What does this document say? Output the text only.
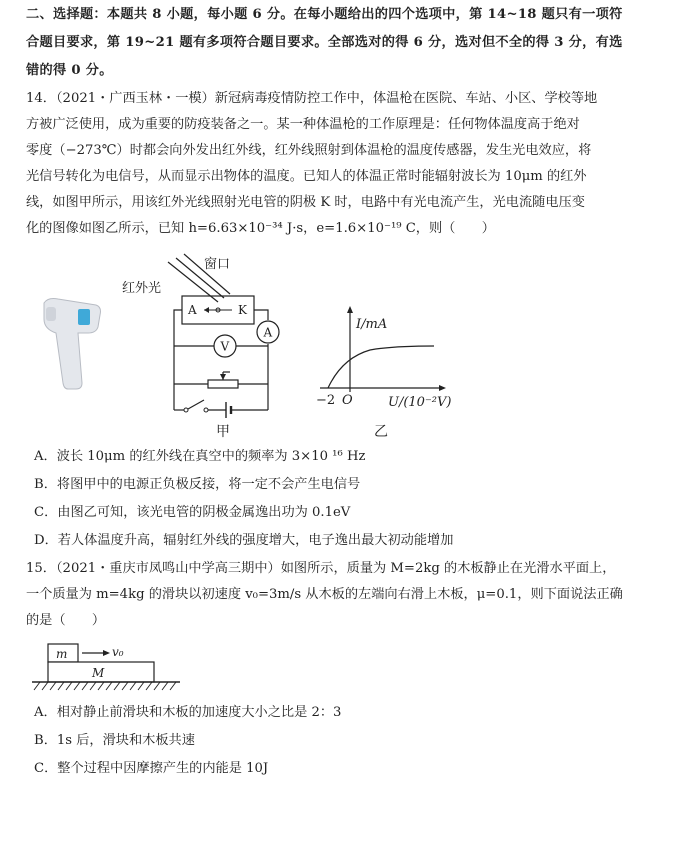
二、选择题：本题共 8 小题，每小题 6 分。在每小题给出的四个选项中，第 14~18 题只有一项符
合题目要求，第 19~21 题有多项符合题目要求。全部选对的得 6 分，选对但不全的得 3 分，有选
错的得 0 分。
14．（2021・广西玉林・一模）新冠病毒疫情防控工作中，体温枪在医院、车站、小区、学校等地
方被广泛使用，成为重要的防疫装备之一。某一种体温枪的工作原理是：任何物体温度高于绝对
零度（−273℃）时都会向外发出红外线，红外线照射到体温枪的温度传感器，发生光电效应，将
光信号转化为电信号，从而显示出物体的温度。已知人的体温正常时能辐射波长为 10μm 的红外
线，如图甲所示，用该红外光线照射光电管的阴极 K 时，电路中有光电流产生，光电流随电压变
化的图像如图乙所示，已知 h=6.63×10⁻³⁴ J·s，e=1.6×10⁻¹⁹ C，则（　　）
窗口
红外光
A	K
A
V
甲
I/mA
−2 O	U/(10⁻²V)
乙
A．波长 10μm 的红外线在真空中的频率为 3×10 ¹⁶ Hz
B．将图甲中的电源正负极反接，将一定不会产生电信号
C．由图乙可知，该光电管的阴极金属逸出功为 0.1eV
D．若人体温度升高，辐射红外线的强度增大，电子逸出最大初动能增加
15．（2021・重庆市凤鸣山中学高三期中）如图所示，质量为 M=2kg 的木板静止在光滑水平面上，
一个质量为 m=4kg 的滑块以初速度 v₀=3m/s 从木板的左端向右滑上木板，μ=0.1，则下面说法正确
的是（　　）
m	v₀
M
A．相对静止前滑块和木板的加速度大小之比是 2：3
B．1s 后，滑块和木板共速
C．整个过程中因摩擦产生的内能是 10J
